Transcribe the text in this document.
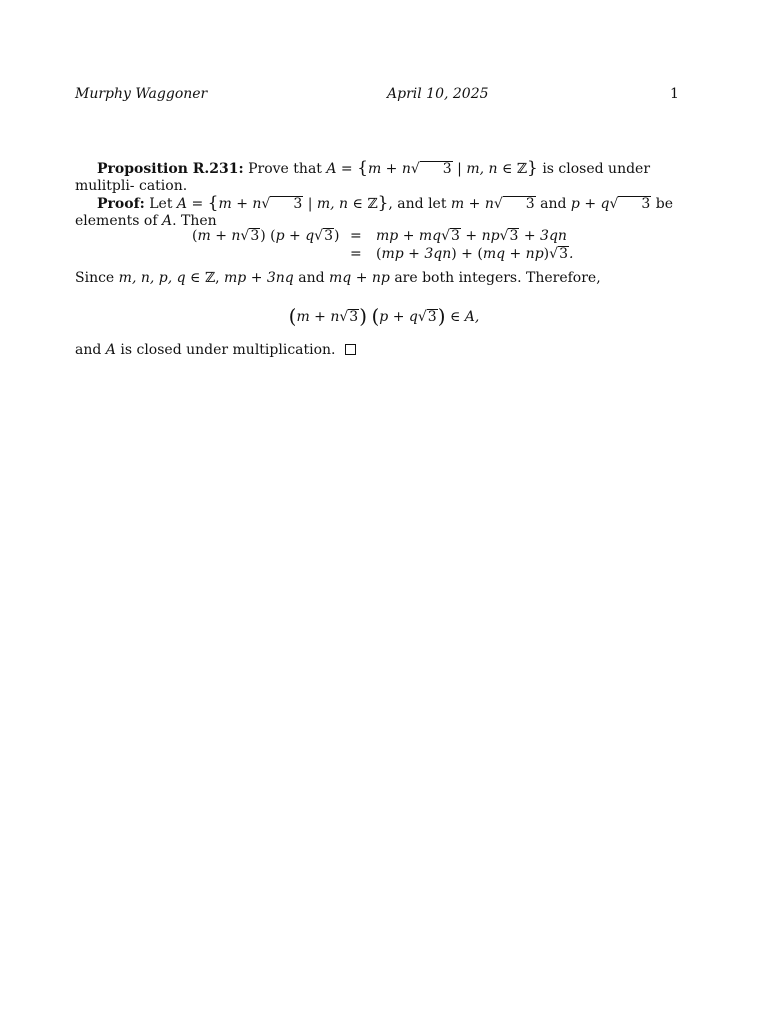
Murphy Waggoner	April 10, 2025	1
Proposition R.231: Prove that A = {m + n√ 3 | m, n ∈ ℤ} is closed under mulitpli- cation.
Proof: Let A = {m + n√ 3 | m, n ∈ ℤ}, and let m + n√ 3 and p + q√ 3 be elements of A. Then
(m + n√3) (p + q√3) = mp + mq√3 + np√3 + 3qn
= (mp + 3qn) + (mq + np)√3.
Since m, n, p, q ∈ ℤ, mp + 3nq and mq + np are both integers. Therefore,
(m + n√3) (p + q√3) ∈ A,
and A is closed under multiplication.
